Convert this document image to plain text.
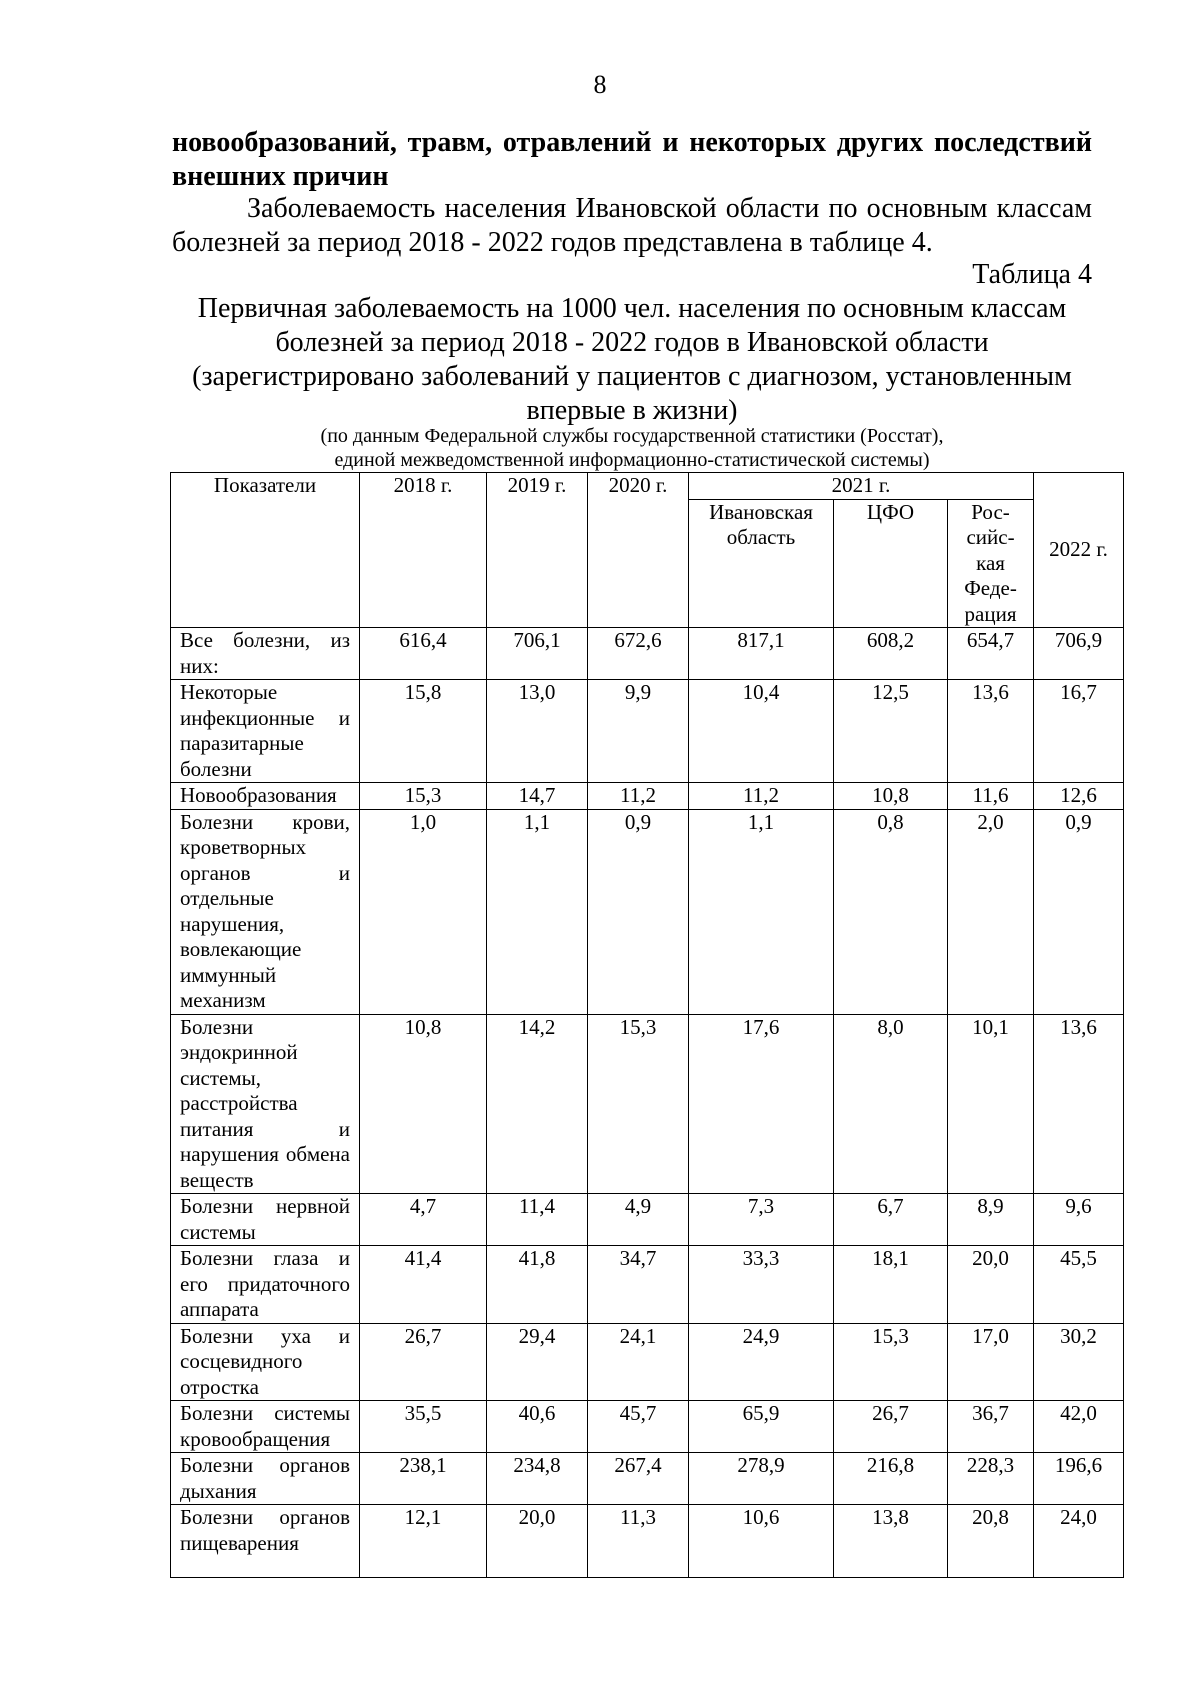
8
новообразований, травм, отравлений и некоторых других последствий внешних причин
Заболеваемость населения Ивановской области по основным классам болезней за период 2018 - 2022 годов представлена в таблице 4.
Таблица 4
Первичная заболеваемость на 1000 чел. населения по основным классам
болезней за период 2018 - 2022 годов в Ивановской области
(зарегистрировано заболеваний у пациентов с диагнозом, установленным
впервые в жизни)
(по данным Федеральной службы государственной статистики (Росстат),
единой межведомственной информационно-статистической системы)
Показатели	2018 г.	2019 г.	2020 г.	2021 г.			2022 г.
				Ивановская область	ЦФО	Рос-сийс-кая Феде-рация	
Все болезни, из них:	616,4	706,1	672,6	817,1	608,2	654,7	706,9
Некоторые инфекционные и паразитарные болезни	15,8	13,0	9,9	10,4	12,5	13,6	16,7
Новообразования	15,3	14,7	11,2	11,2	10,8	11,6	12,6
Болезни крови, кроветворных органов и отдельные нарушения, вовлекающие иммунный механизм	1,0	1,1	0,9	1,1	0,8	2,0	0,9
Болезни эндокринной системы, расстройства питания и нарушения обмена веществ	10,8	14,2	15,3	17,6	8,0	10,1	13,6
Болезни нервной системы	4,7	11,4	4,9	7,3	6,7	8,9	9,6
Болезни глаза и его придаточного аппарата	41,4	41,8	34,7	33,3	18,1	20,0	45,5
Болезни уха и сосцевидного отростка	26,7	29,4	24,1	24,9	15,3	17,0	30,2
Болезни системы кровообращения	35,5	40,6	45,7	65,9	26,7	36,7	42,0
Болезни органов дыхания	238,1	234,8	267,4	278,9	216,8	228,3	196,6
Болезни органов пищеварения	12,1	20,0	11,3	10,6	13,8	20,8	24,0
